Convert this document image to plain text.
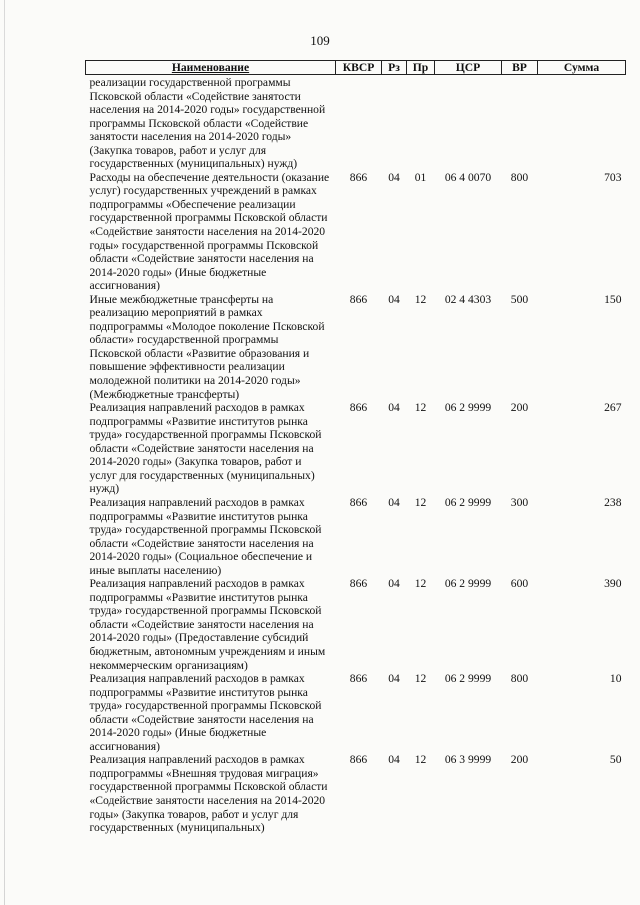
109
Наименование	КВСР	Рз	Пр	ЦСР	ВР	Сумма
реализации государственной программы Псковской области «Содействие занятости населения на 2014-2020 годы» государственной программы Псковской области «Содействие занятости населения на 2014-2020 годы» (Закупка товаров, работ и услуг для государственных (муниципальных) нужд)						
Расходы на обеспечение деятельности (оказание услуг) государственных учреждений в рамках подпрограммы «Обеспечение реализации государственной программы Псковской области «Содействие занятости населения на 2014-2020 годы» государственной программы Псковской области «Содействие занятости населения на 2014-2020 годы» (Иные бюджетные ассигнования)	866	04	01	06 4 0070	800	703
Иные межбюджетные трансферты на реализацию мероприятий в рамках подпрограммы «Молодое поколение Псковской области» государственной программы Псковской области «Развитие образования и повышение эффективности реализации молодежной политики на 2014-2020 годы» (Межбюджетные трансферты)	866	04	12	02 4 4303	500	150
Реализация направлений расходов в рамках подпрограммы «Развитие институтов рынка труда» государственной программы Псковской области «Содействие занятости населения на 2014-2020 годы» (Закупка товаров, работ и услуг для государственных (муниципальных) нужд)	866	04	12	06 2 9999	200	267
Реализация направлений расходов в рамках подпрограммы «Развитие институтов рынка труда» государственной программы Псковской области «Содействие занятости населения на 2014-2020 годы» (Социальное обеспечение и иные выплаты населению)	866	04	12	06 2 9999	300	238
Реализация направлений расходов в рамках подпрограммы «Развитие институтов рынка труда» государственной программы Псковской области «Содействие занятости населения на 2014-2020 годы» (Предоставление субсидий бюджетным, автономным учреждениям и иным некоммерческим организациям)	866	04	12	06 2 9999	600	390
Реализация направлений расходов в рамках подпрограммы «Развитие институтов рынка труда» государственной программы Псковской области «Содействие занятости населения на 2014-2020 годы» (Иные бюджетные ассигнования)	866	04	12	06 2 9999	800	10
Реализация направлений расходов в рамках подпрограммы «Внешняя трудовая миграция» государственной программы Псковской области «Содействие занятости населения на 2014-2020 годы» (Закупка товаров, работ и услуг для государственных (муниципальных)	866	04	12	06 3 9999	200	50
